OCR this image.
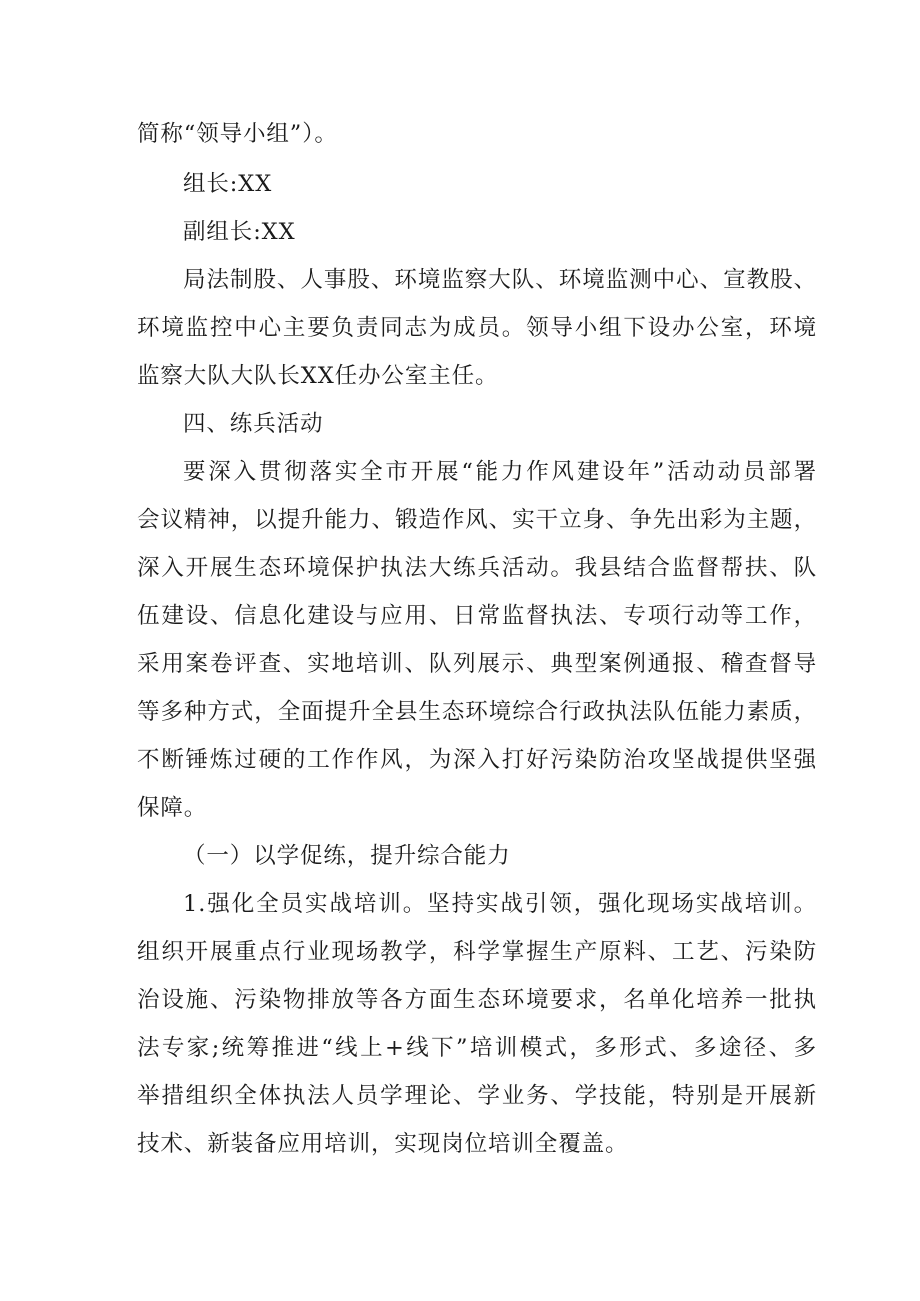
简称“领导小组”）。

组长:XX

副组长:XX

局法制股、人事股、环境监察大队、环境监测中心、宣教股、

环境监控中心主要负责同志为成员。领导小组下设办公室，环境

监察大队大队长XX任办公室主任。

四、练兵活动

要深入贯彻落实全市开展“能力作风建设年”活动动员部署

会议精神，以提升能力、锻造作风、实干立身、争先出彩为主题，

深入开展生态环境保护执法大练兵活动。我县结合监督帮扶、队

伍建设、信息化建设与应用、日常监督执法、专项行动等工作，

采用案卷评查、实地培训、队列展示、典型案例通报、稽查督导

等多种方式，全面提升全县生态环境综合行政执法队伍能力素质，

不断锤炼过硬的工作作风，为深入打好污染防治攻坚战提供坚强

保障。

（一）以学促练，提升综合能力

1.强化全员实战培训。坚持实战引领，强化现场实战培训。

组织开展重点行业现场教学，科学掌握生产原料、工艺、污染防

治设施、污染物排放等各方面生态环境要求，名单化培养一批执

法专家;统筹推进“线上+线下”培训模式，多形式、多途径、多

举措组织全体执法人员学理论、学业务、学技能，特别是开展新

技术、新装备应用培训，实现岗位培训全覆盖。
